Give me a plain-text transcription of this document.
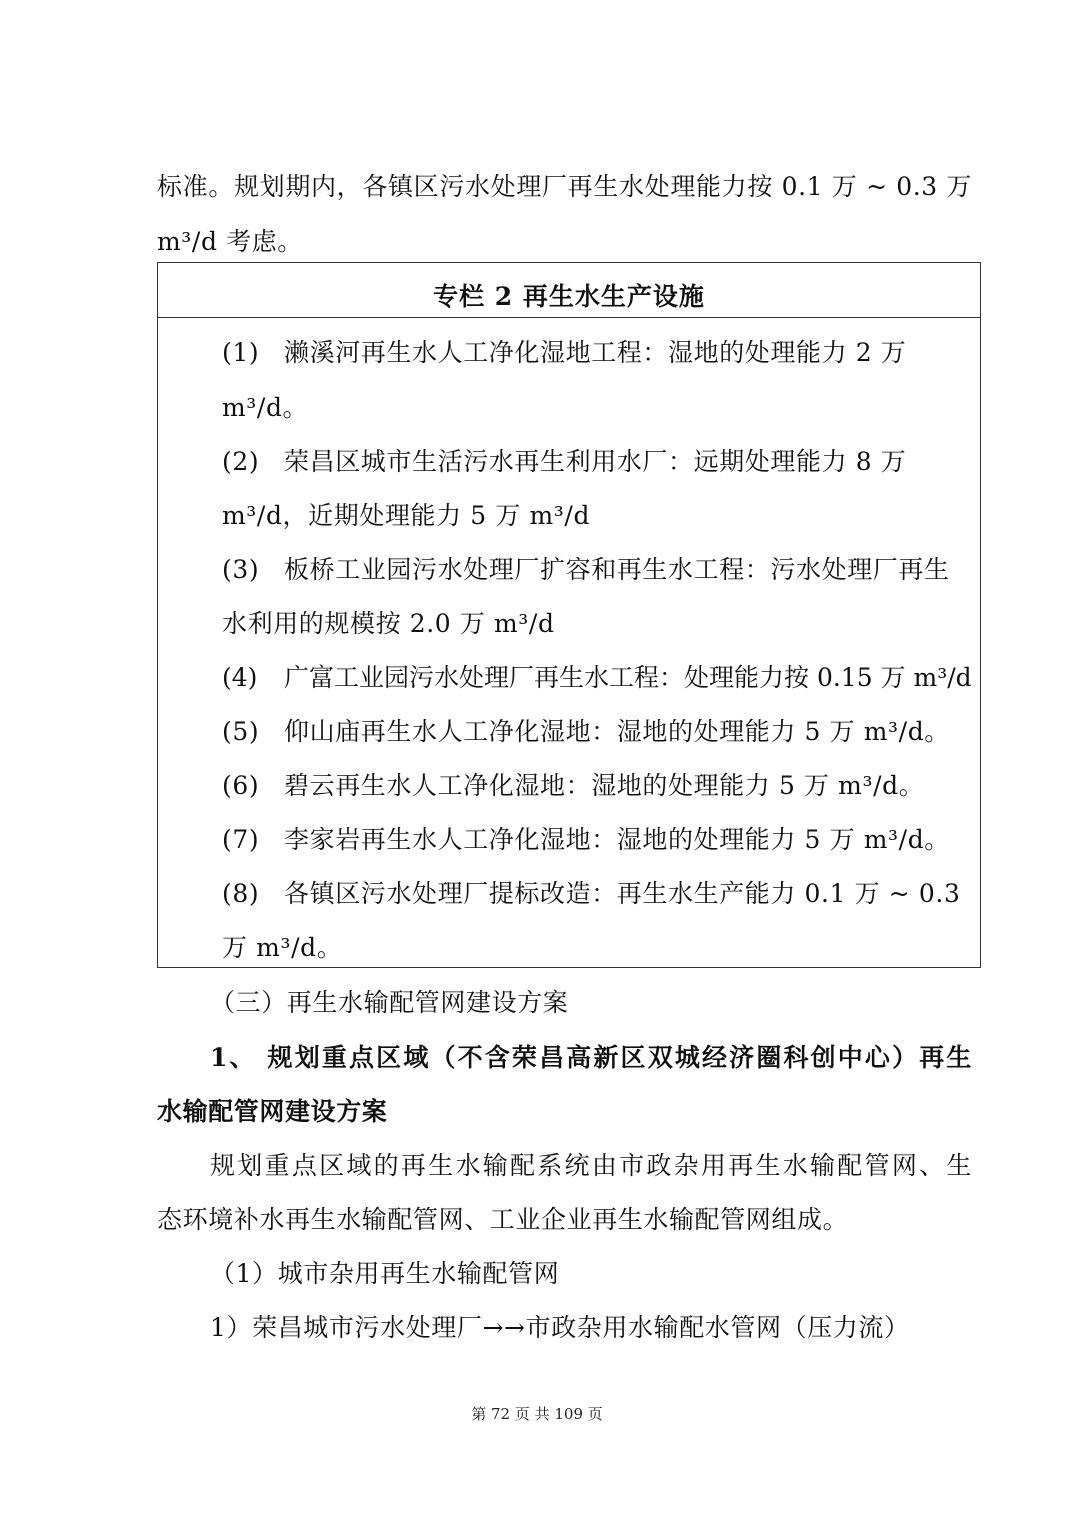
标准。规划期内，各镇区污水处理厂再生水处理能力按 0.1 万 ~ 0.3 万
m³/d 考虑。
专栏 2 再生水生产设施
(1) 濑溪河再生水人工净化湿地工程：湿地的处理能力 2 万
m³/d。
(2) 荣昌区城市生活污水再生利用水厂：远期处理能力 8 万
m³/d，近期处理能力 5 万 m³/d
(3) 板桥工业园污水处理厂扩容和再生水工程：污水处理厂再生
水利用的规模按 2.0 万 m³/d
(4) 广富工业园污水处理厂再生水工程：处理能力按 0.15 万 m³/d
(5) 仰山庙再生水人工净化湿地：湿地的处理能力 5 万 m³/d。
(6) 碧云再生水人工净化湿地：湿地的处理能力 5 万 m³/d。
(7) 李家岩再生水人工净化湿地：湿地的处理能力 5 万 m³/d。
(8) 各镇区污水处理厂提标改造：再生水生产能力 0.1 万 ~ 0.3
万 m³/d。
（三）再生水输配管网建设方案
1、 规划重点区域（不含荣昌高新区双城经济圈科创中心）再生
水输配管网建设方案
规划重点区域的再生水输配系统由市政杂用再生水输配管网、生
态环境补水再生水输配管网、工业企业再生水输配管网组成。
（1）城市杂用再生水输配管网
1）荣昌城市污水处理厂→→市政杂用水输配水管网（压力流）
第 72 页 共 109 页
